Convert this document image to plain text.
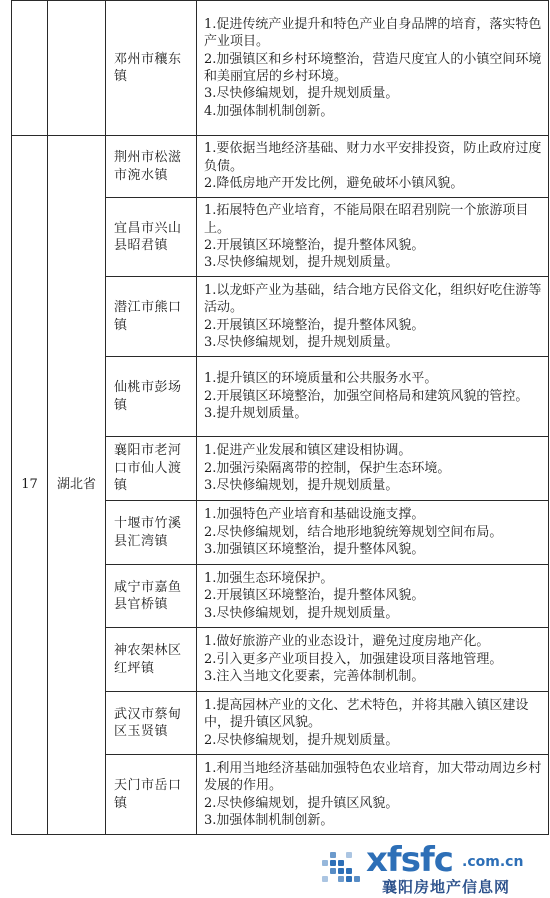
		邓州市穰东镇	1.促进传统产业提升和特色产业自身品牌的培育，落实特色产业项目。
2.加强镇区和乡村环境整治，营造尺度宜人的小镇空间环境和美丽宜居的乡村环境。
3.尽快修编规划，提升规划质量。
4.加强体制机制创新。

17	湖北省	荆州市松滋市涴水镇	1.要依据当地经济基础、财力水平安排投资，防止政府过度负债。
2.降低房地产开发比例，避免破坏小镇风貌。

		宜昌市兴山县昭君镇	1.拓展特色产业培育，不能局限在昭君别院一个旅游项目上。
2.开展镇区环境整治，提升整体风貌。
3.尽快修编规划，提升规划质量。

		潜江市熊口镇	1.以龙虾产业为基础，结合地方民俗文化，组织好吃住游等活动。
2.开展镇区环境整治，提升整体风貌。
3.尽快修编规划，提升规划质量。

		仙桃市彭场镇	1.提升镇区的环境质量和公共服务水平。
2.开展镇区环境整治，加强空间格局和建筑风貌的管控。
3.提升规划质量。

		襄阳市老河口市仙人渡镇	1.促进产业发展和镇区建设相协调。
2.加强污染隔离带的控制，保护生态环境。
3.尽快修编规划，提升规划质量。

		十堰市竹溪县汇湾镇	1.加强特色产业培育和基础设施支撑。
2.尽快修编规划，结合地形地貌统筹规划空间布局。
3.加强镇区环境整治，提升整体风貌。

		咸宁市嘉鱼县官桥镇	1.加强生态环境保护。
2.开展镇区环境整治，提升整体风貌。
3.尽快修编规划，提升规划质量。

		神农架林区红坪镇	1.做好旅游产业的业态设计，避免过度房地产化。
2.引入更多产业项目投入，加强建设项目落地管理。
3.注入当地文化要素，完善体制机制。

		武汉市蔡甸区玉贤镇	1.提高园林产业的文化、艺术特色，并将其融入镇区建设中，提升镇区风貌。
2.尽快修编规划，提升规划质量。

		天门市岳口镇	1.利用当地经济基础加强特色农业培育，加大带动周边乡村发展的作用。
2.尽快修编规划，提升镇区风貌。
3.加强体制机制创新。
xfsfc .com.cn
襄阳房地产信息网
